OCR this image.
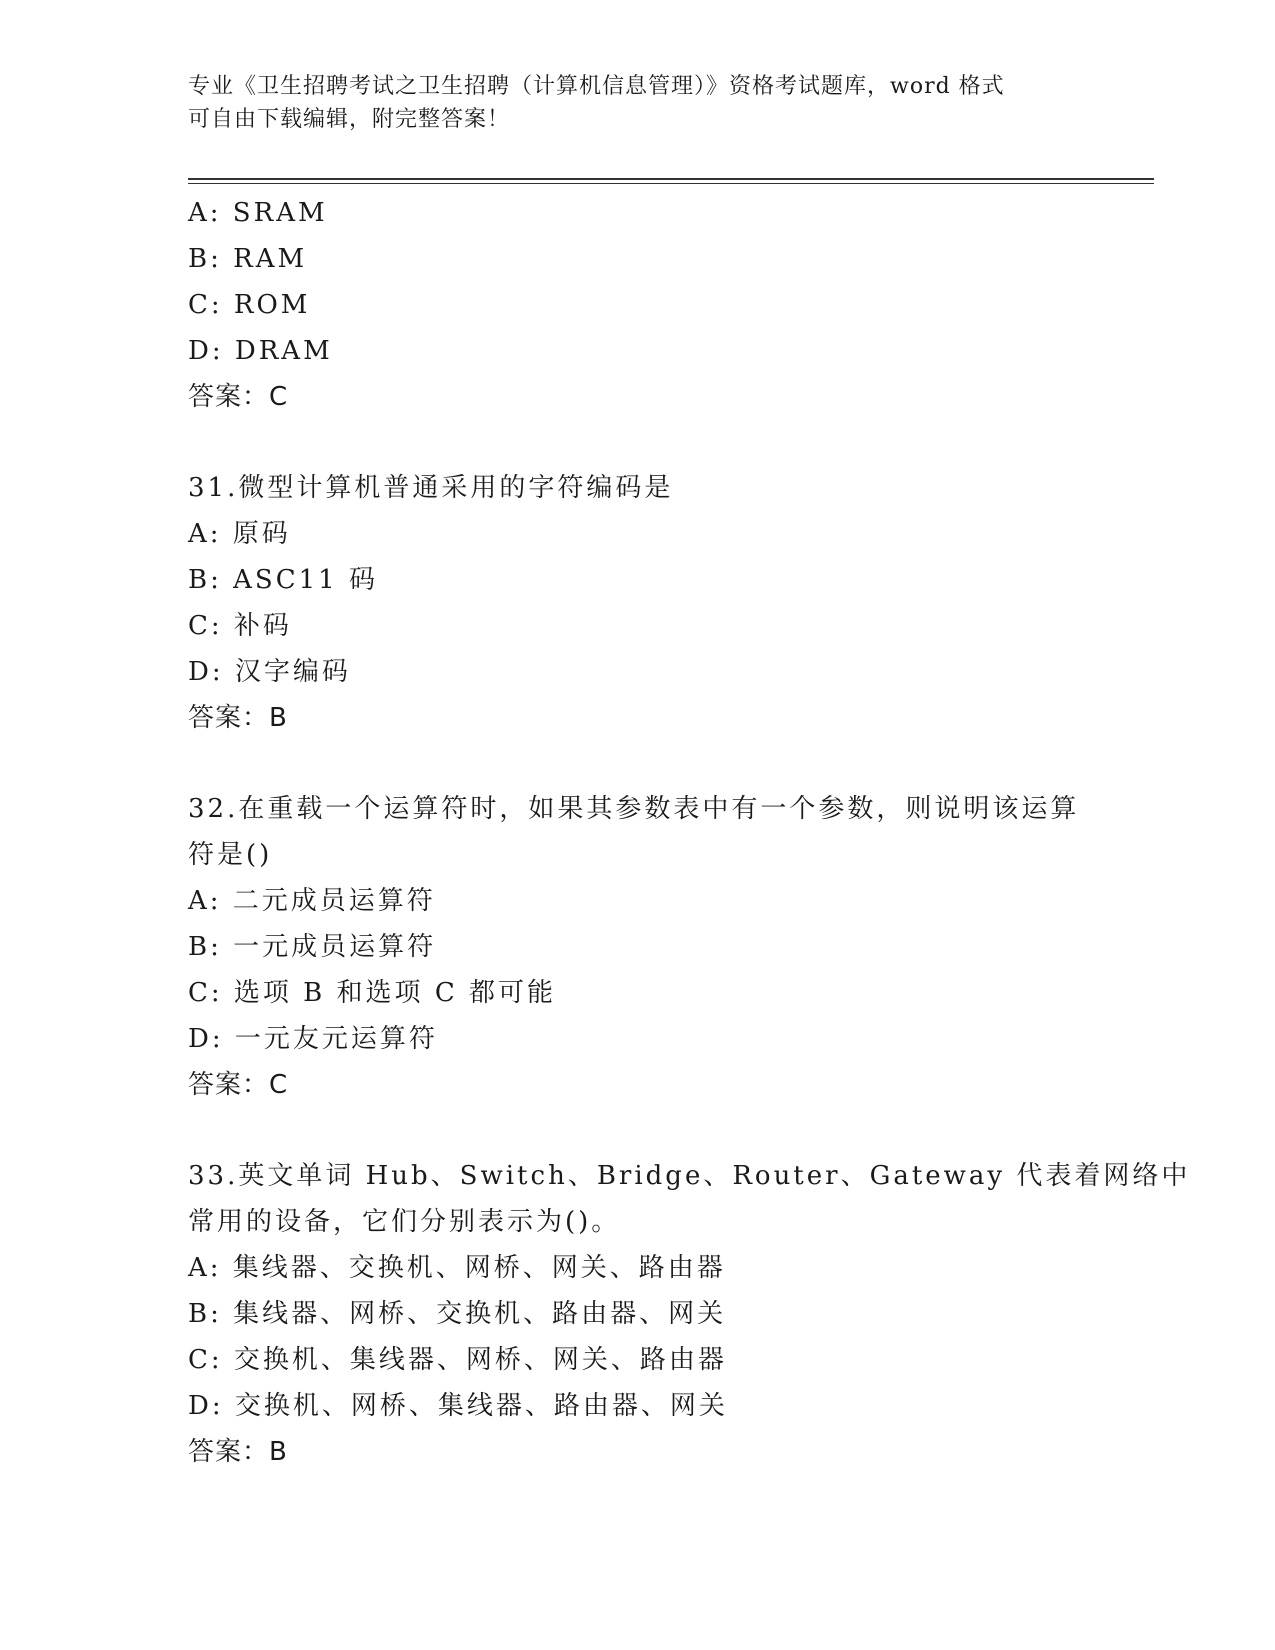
专业《卫生招聘考试之卫生招聘（计算机信息管理）》资格考试题库，word 格式
可自由下载编辑，附完整答案！
A: SRAM
B: RAM
C: ROM
D: DRAM
答案：C
31.微型计算机普通采用的字符编码是
A: 原码
B: ASC11 码
C: 补码
D: 汉字编码
答案：B
32.在重载一个运算符时，如果其参数表中有一个参数，则说明该运算
符是()
A: 二元成员运算符
B: 一元成员运算符
C: 选项 B 和选项 C 都可能
D: 一元友元运算符
答案：C
33.英文单词 Hub、Switch、Bridge、Router、Gateway 代表着网络中
常用的设备，它们分别表示为()。
A: 集线器、交换机、网桥、网关、路由器
B: 集线器、网桥、交换机、路由器、网关
C: 交换机、集线器、网桥、网关、路由器
D: 交换机、网桥、集线器、路由器、网关
答案：B
